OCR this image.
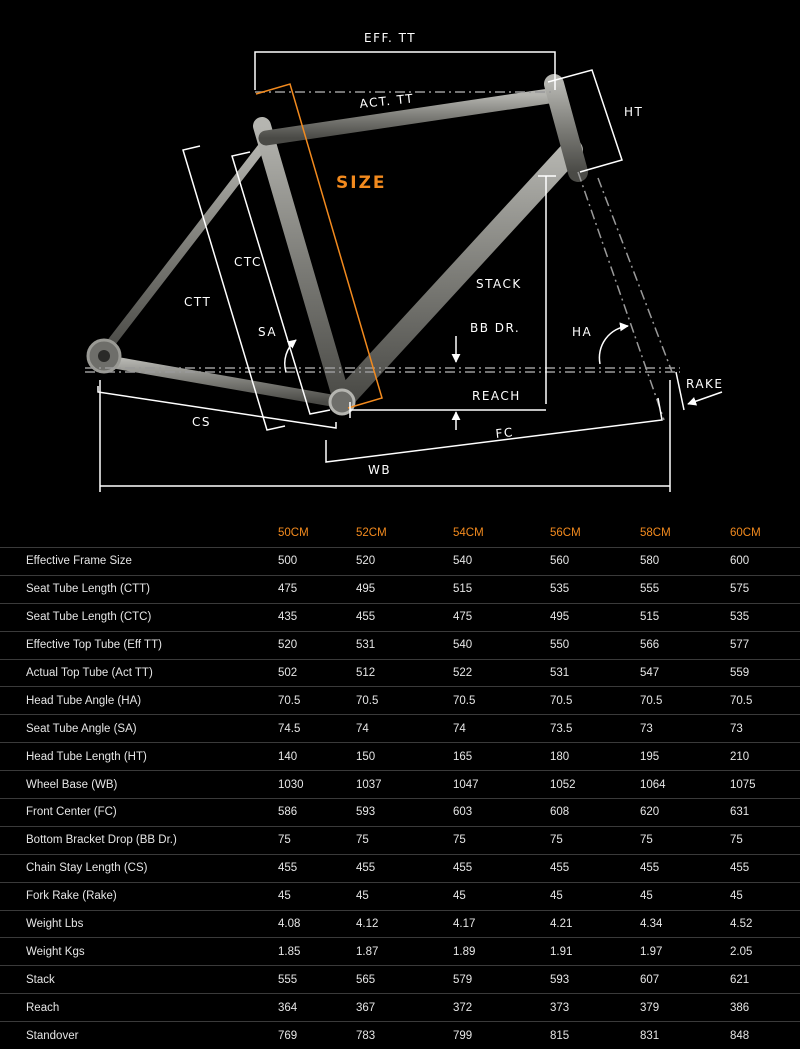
EFF. TT
ACT. TT
HT
SIZE
CTC
CTT
SA
STACK
BB DR.	HA
RAKE
REACH
CS
FC
WB
	50CM	52CM	54CM	56CM	58CM	60CM
Effective Frame Size	500	520	540	560	580	600
Seat Tube Length (CTT)	475	495	515	535	555	575
Seat Tube Length (CTC)	435	455	475	495	515	535
Effective Top Tube (Eff TT)	520	531	540	550	566	577
Actual Top Tube (Act TT)	502	512	522	531	547	559
Head Tube Angle (HA)	70.5	70.5	70.5	70.5	70.5	70.5
Seat Tube Angle (SA)	74.5	74	74	73.5	73	73
Head Tube Length (HT)	140	150	165	180	195	210
Wheel Base (WB)	1030	1037	1047	1052	1064	1075
Front Center (FC)	586	593	603	608	620	631
Bottom Bracket Drop (BB Dr.)	75	75	75	75	75	75
Chain Stay Length (CS)	455	455	455	455	455	455
Fork Rake (Rake)	45	45	45	45	45	45
Weight Lbs	4.08	4.12	4.17	4.21	4.34	4.52
Weight Kgs	1.85	1.87	1.89	1.91	1.97	2.05
Stack	555	565	579	593	607	621
Reach	364	367	372	373	379	386
Standover	769	783	799	815	831	848
